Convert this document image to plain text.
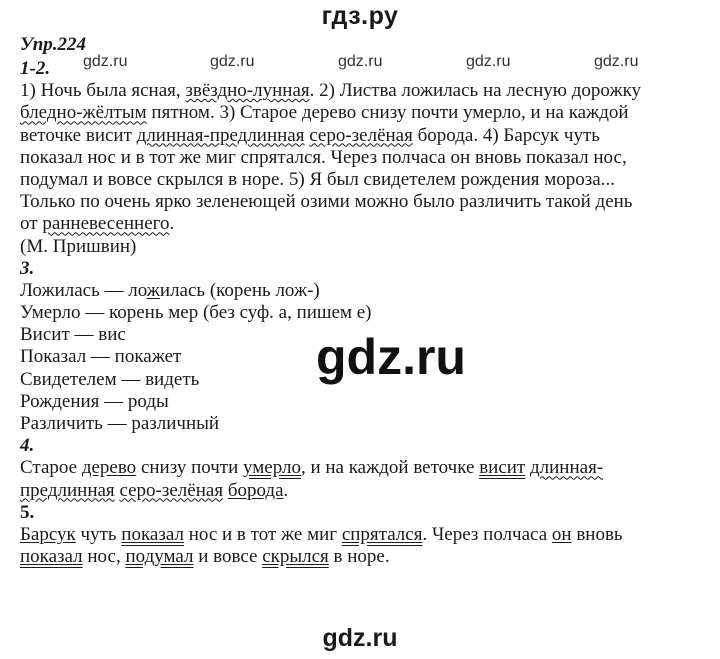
гдз.ру
Упр.224
gdz.ru	gdz.ru	gdz.ru	gdz.ru	gdz.ru
1-2.
1) Ночь была ясная, звёздно-лунная. 2) Листва ложилась на лесную дорожку
бледно-жёлтым пятном. 3) Старое дерево снизу почти умерло, и на каждой
веточке висит длинная-предлинная серо-зелёная борода. 4) Барсук чуть
показал нос и в тот же миг спрятался. Через полчаса он вновь показал нос,
подумал и вовсе скрылся в норе. 5) Я был свидетелем рождения мороза...
Только по очень ярко зеленеющей озими можно было различить такой день
от ранневесеннего.
(М. Пришвин)
3.
Ложилась — ложилась (корень лож-)
Умерло — корень мер (без суф. а, пишем е)
Висит — вис
Показал — покажет
Свидетелем — видеть
Рождения — роды
Различить — различный
4.
Старое дерево снизу почти умерло, и на каждой веточке висит длинная-
предлинная серо-зелёная борода.
5.
Барсук чуть показал нос и в тот же миг спрятался. Через полчаса он вновь
показал нос, подумал и вовсе скрылся в норе.
gdz.ru
gdz.ru
